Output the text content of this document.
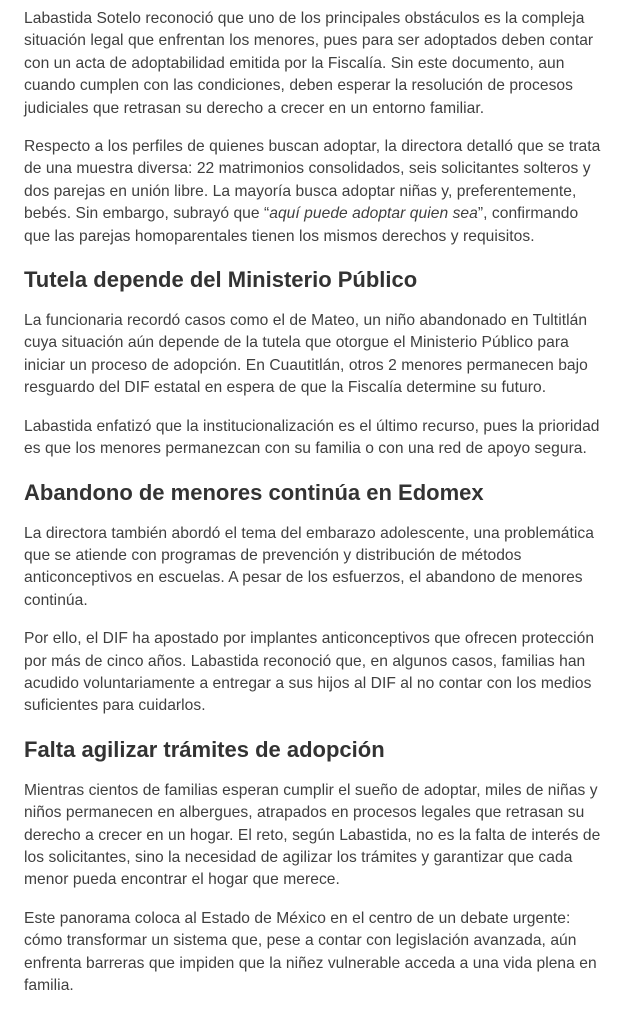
Labastida Sotelo reconoció que uno de los principales obstáculos es la compleja situación legal que enfrentan los menores, pues para ser adoptados deben contar con un acta de adoptabilidad emitida por la Fiscalía. Sin este documento, aun cuando cumplen con las condiciones, deben esperar la resolución de procesos judiciales que retrasan su derecho a crecer en un entorno familiar.

Respecto a los perfiles de quienes buscan adoptar, la directora detalló que se trata de una muestra diversa: 22 matrimonios consolidados, seis solicitantes solteros y dos parejas en unión libre. La mayoría busca adoptar niñas y, preferentemente, bebés. Sin embargo, subrayó que “aquí puede adoptar quien sea”, confirmando que las parejas homoparentales tienen los mismos derechos y requisitos.

Tutela depende del Ministerio Público

La funcionaria recordó casos como el de Mateo, un niño abandonado en Tultitlán cuya situación aún depende de la tutela que otorgue el Ministerio Público para iniciar un proceso de adopción. En Cuautitlán, otros 2 menores permanecen bajo resguardo del DIF estatal en espera de que la Fiscalía determine su futuro.

Labastida enfatizó que la institucionalización es el último recurso, pues la prioridad es que los menores permanezcan con su familia o con una red de apoyo segura.

Abandono de menores continúa en Edomex

La directora también abordó el tema del embarazo adolescente, una problemática que se atiende con programas de prevención y distribución de métodos anticonceptivos en escuelas. A pesar de los esfuerzos, el abandono de menores continúa.

Por ello, el DIF ha apostado por implantes anticonceptivos que ofrecen protección por más de cinco años. Labastida reconoció que, en algunos casos, familias han acudido voluntariamente a entregar a sus hijos al DIF al no contar con los medios suficientes para cuidarlos.

Falta agilizar trámites de adopción

Mientras cientos de familias esperan cumplir el sueño de adoptar, miles de niñas y niños permanecen en albergues, atrapados en procesos legales que retrasan su derecho a crecer en un hogar. El reto, según Labastida, no es la falta de interés de los solicitantes, sino la necesidad de agilizar los trámites y garantizar que cada menor pueda encontrar el hogar que merece.

Este panorama coloca al Estado de México en el centro de un debate urgente: cómo transformar un sistema que, pese a contar con legislación avanzada, aún enfrenta barreras que impiden que la niñez vulnerable acceda a una vida plena en familia.
